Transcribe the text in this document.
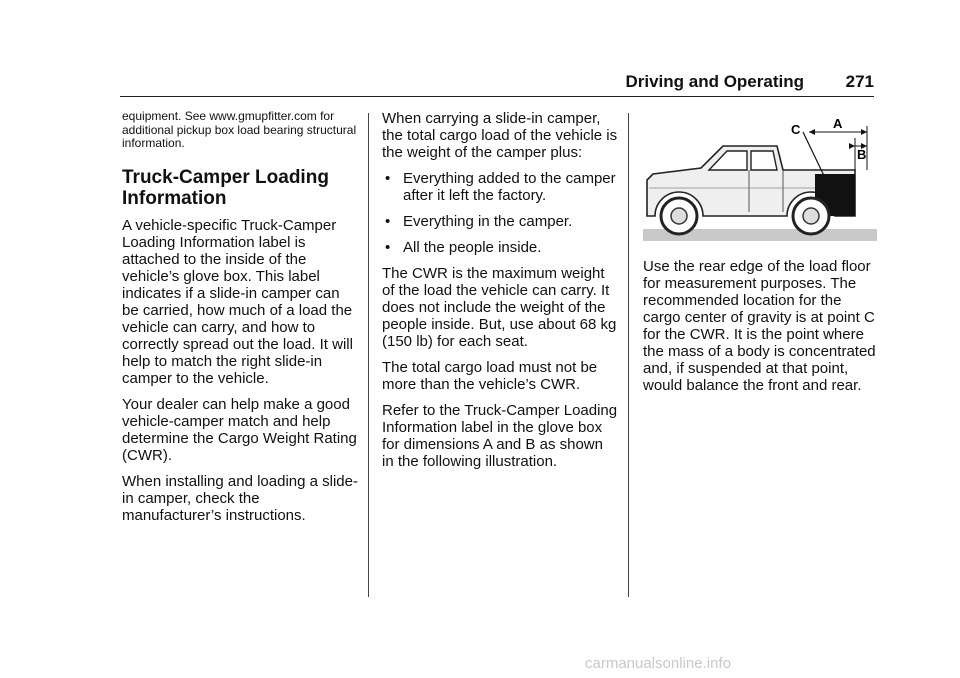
Driving and Operating 271

equipment. See www.gmupfitter.com for additional pickup box load bearing structural information.

Truck-Camper Loading Information

A vehicle-specific Truck-Camper Loading Information label is attached to the inside of the vehicle’s glove box. This label indicates if a slide-in camper can be carried, how much of a load the vehicle can carry, and how to correctly spread out the load. It will help to match the right slide-in camper to the vehicle.

Your dealer can help make a good vehicle-camper match and help determine the Cargo Weight Rating (CWR).

When installing and loading a slide-in camper, check the manufacturer’s instructions.

When carrying a slide-in camper, the total cargo load of the vehicle is the weight of the camper plus:

• Everything added to the camper after it left the factory.
• Everything in the camper.
• All the people inside.

The CWR is the maximum weight of the load the vehicle can carry. It does not include the weight of the people inside. But, use about 68 kg (150 lb) for each seat.

The total cargo load must not be more than the vehicle’s CWR.

Refer to the Truck-Camper Loading Information label in the glove box for dimensions A and B as shown in the following illustration.

C	A
B

Use the rear edge of the load floor for measurement purposes. The recommended location for the cargo center of gravity is at point C for the CWR. It is the point where the mass of a body is concentrated and, if suspended at that point, would balance the front and rear.

carmanualsonline.info
